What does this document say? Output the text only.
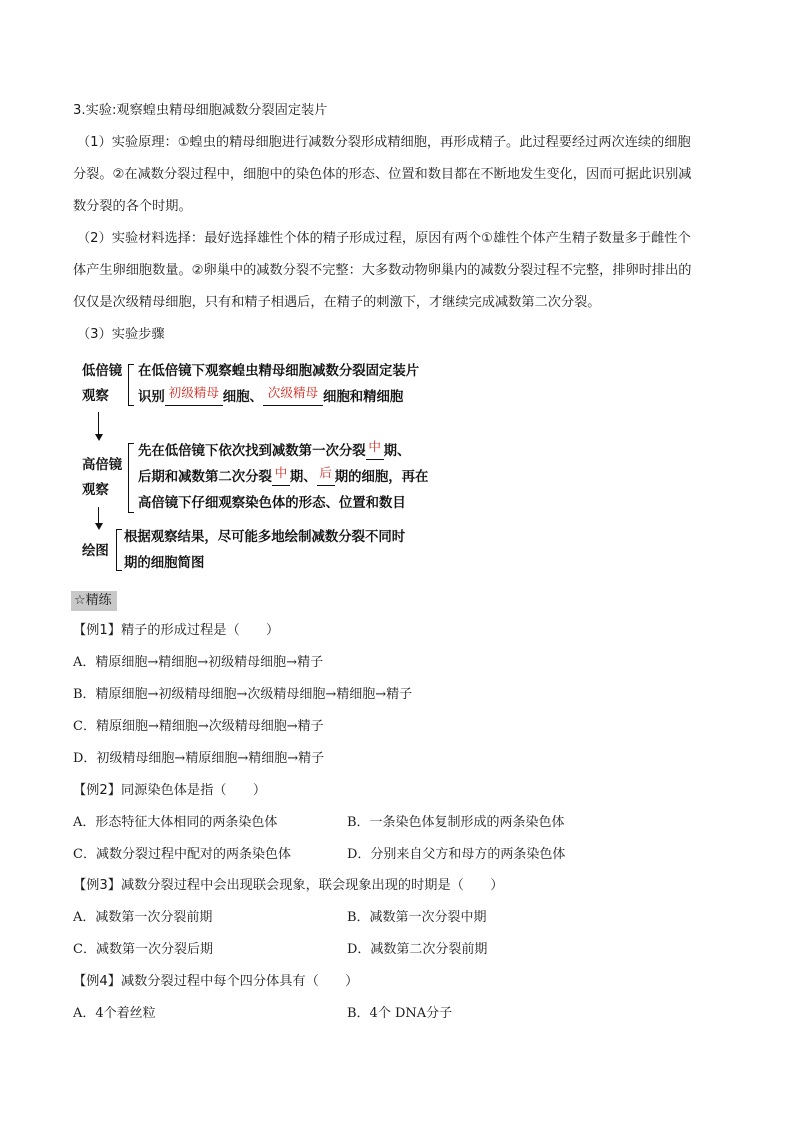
3.实验:观察蝗虫精母细胞减数分裂固定装片
（1）实验原理：①蝗虫的精母细胞进行减数分裂形成精细胞，再形成精子。此过程要经过两次连续的细胞
分裂。②在减数分裂过程中，细胞中的染色体的形态、位置和数目都在不断地发生变化，因而可据此识别减
数分裂的各个时期。
（2）实验材料选择：最好选择雄性个体的精子形成过程，原因有两个①雄性个体产生精子数量多于雌性个
体产生卵细胞数量。②卵巢中的减数分裂不完整：大多数动物卵巢内的减数分裂过程不完整，排卵时排出的
仅仅是次级精母细胞，只有和精子相遇后，在精子的刺激下，才继续完成减数第二次分裂。
（3）实验步骤
低倍镜
观察
在低倍镜下观察蝗虫精母细胞减数分裂固定装片
识别 初级精母 细胞、 次级精母 细胞和精细胞
高倍镜
观察
先在低倍镜下依次找到减数第一次分裂 中 期、
后期和减数第二次分裂 中 期、 后 期的细胞，再在
高倍镜下仔细观察染色体的形态、位置和数目
绘图
根据观察结果，尽可能多地绘制减数分裂不同时
期的细胞简图
☆精练
【例1】精子的形成过程是（　　）
A．精原细胞→精细胞→初级精母细胞→精子
B．精原细胞→初级精母细胞→次级精母细胞→精细胞→精子
C．精原细胞→精细胞→次级精母细胞→精子
D．初级精母细胞→精原细胞→精细胞→精子
【例2】同源染色体是指（　　）
A．形态特征大体相同的两条染色体	B．一条染色体复制形成的两条染色体
C．减数分裂过程中配对的两条染色体	D．分别来自父方和母方的两条染色体
【例3】减数分裂过程中会出现联会现象，联会现象出现的时期是（　　）
A．减数第一次分裂前期	B．减数第一次分裂中期
C．减数第一次分裂后期	D．减数第二次分裂前期
【例4】减数分裂过程中每个四分体具有（　　）
A．4个着丝粒	B．4个 DNA分子
